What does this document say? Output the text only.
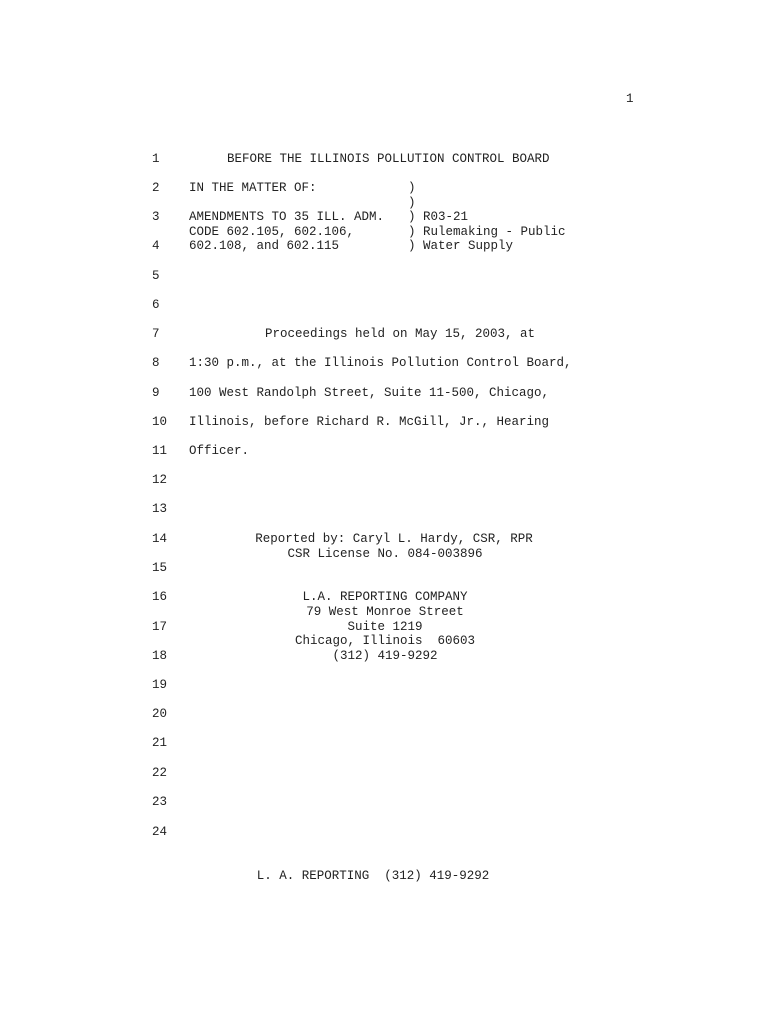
1
1
2
3
4
5
6
7
8
9
10
11
12
13
14
15
16
17
18
19
20
21
22
23
24
BEFORE THE ILLINOIS POLLUTION CONTROL BOARD
IN THE MATTER OF:
AMENDMENTS TO 35 ILL. ADM.
CODE 602.105, 602.106,
602.108, and 602.115
)
)
) R03-21
) Rulemaking - Public
) Water Supply
Proceedings held on May 15, 2003, at
1:30 p.m., at the Illinois Pollution Control Board,
100 West Randolph Street, Suite 11-500, Chicago,
Illinois, before Richard R. McGill, Jr., Hearing
Officer.
Reported by: Caryl L. Hardy, CSR, RPR
CSR License No. 084-003896
L.A. REPORTING COMPANY
79 West Monroe Street
Suite 1219
Chicago, Illinois  60603
(312) 419-9292
L. A. REPORTING  (312) 419-9292
